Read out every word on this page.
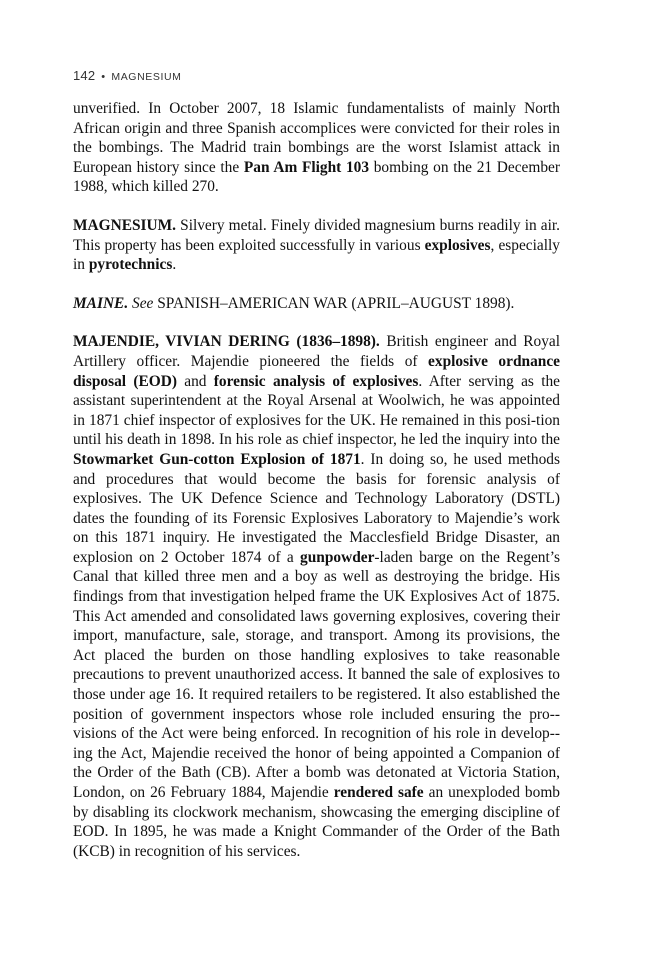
142 • MAGNESIUM

unverified. In October 2007, 18 Islamic fundamentalists of mainly North African origin and three Spanish accomplices were convicted for their roles in the bombings. The Madrid train bombings are the worst Islamist attack in European history since the Pan Am Flight 103 bombing on the 21 December 1988, which killed 270.

MAGNESIUM. Silvery metal. Finely divided magnesium burns readily in air. This property has been exploited successfully in various explosives, especially in pyrotechnics.

MAINE. See SPANISH–AMERICAN WAR (APRIL–AUGUST 1898).

MAJENDIE, VIVIAN DERING (1836–1898). British engineer and Royal Artillery officer. Majendie pioneered the fields of explosive ordnance disposal (EOD) and forensic analysis of explosives. After serving as the assistant superintendent at the Royal Arsenal at Woolwich, he was appointed in 1871 chief inspector of explosives for the UK. He remained in this posi-tion until his death in 1898. In his role as chief inspector, he led the inquiry into the Stowmarket Gun-cotton Explosion of 1871. In doing so, he used methods and procedures that would become the basis for forensic analysis of explosives. The UK Defence Science and Technology Laboratory (DSTL) dates the founding of its Forensic Explosives Laboratory to Majendie’s work on this 1871 inquiry. He investigated the Macclesfield Bridge Disaster, an explosion on 2 October 1874 of a gunpowder-laden barge on the Regent’s Canal that killed three men and a boy as well as destroying the bridge. His findings from that investigation helped frame the UK Explosives Act of 1875. This Act amended and consolidated laws governing explosives, covering their import, manufacture, sale, storage, and transport. Among its provisions, the Act placed the burden on those handling explosives to take reasonable precautions to prevent unauthorized access. It banned the sale of explosives to those under age 16. It required retailers to be registered. It also established the position of government inspectors whose role included ensuring the pro-visions of the Act were being enforced. In recognition of his role in develop-ing the Act, Majendie received the honor of being appointed a Companion of the Order of the Bath (CB). After a bomb was detonated at Victoria Station, London, on 26 February 1884, Majendie rendered safe an unexploded bomb by disabling its clockwork mechanism, showcasing the emerging discipline of EOD. In 1895, he was made a Knight Commander of the Order of the Bath (KCB) in recognition of his services.
